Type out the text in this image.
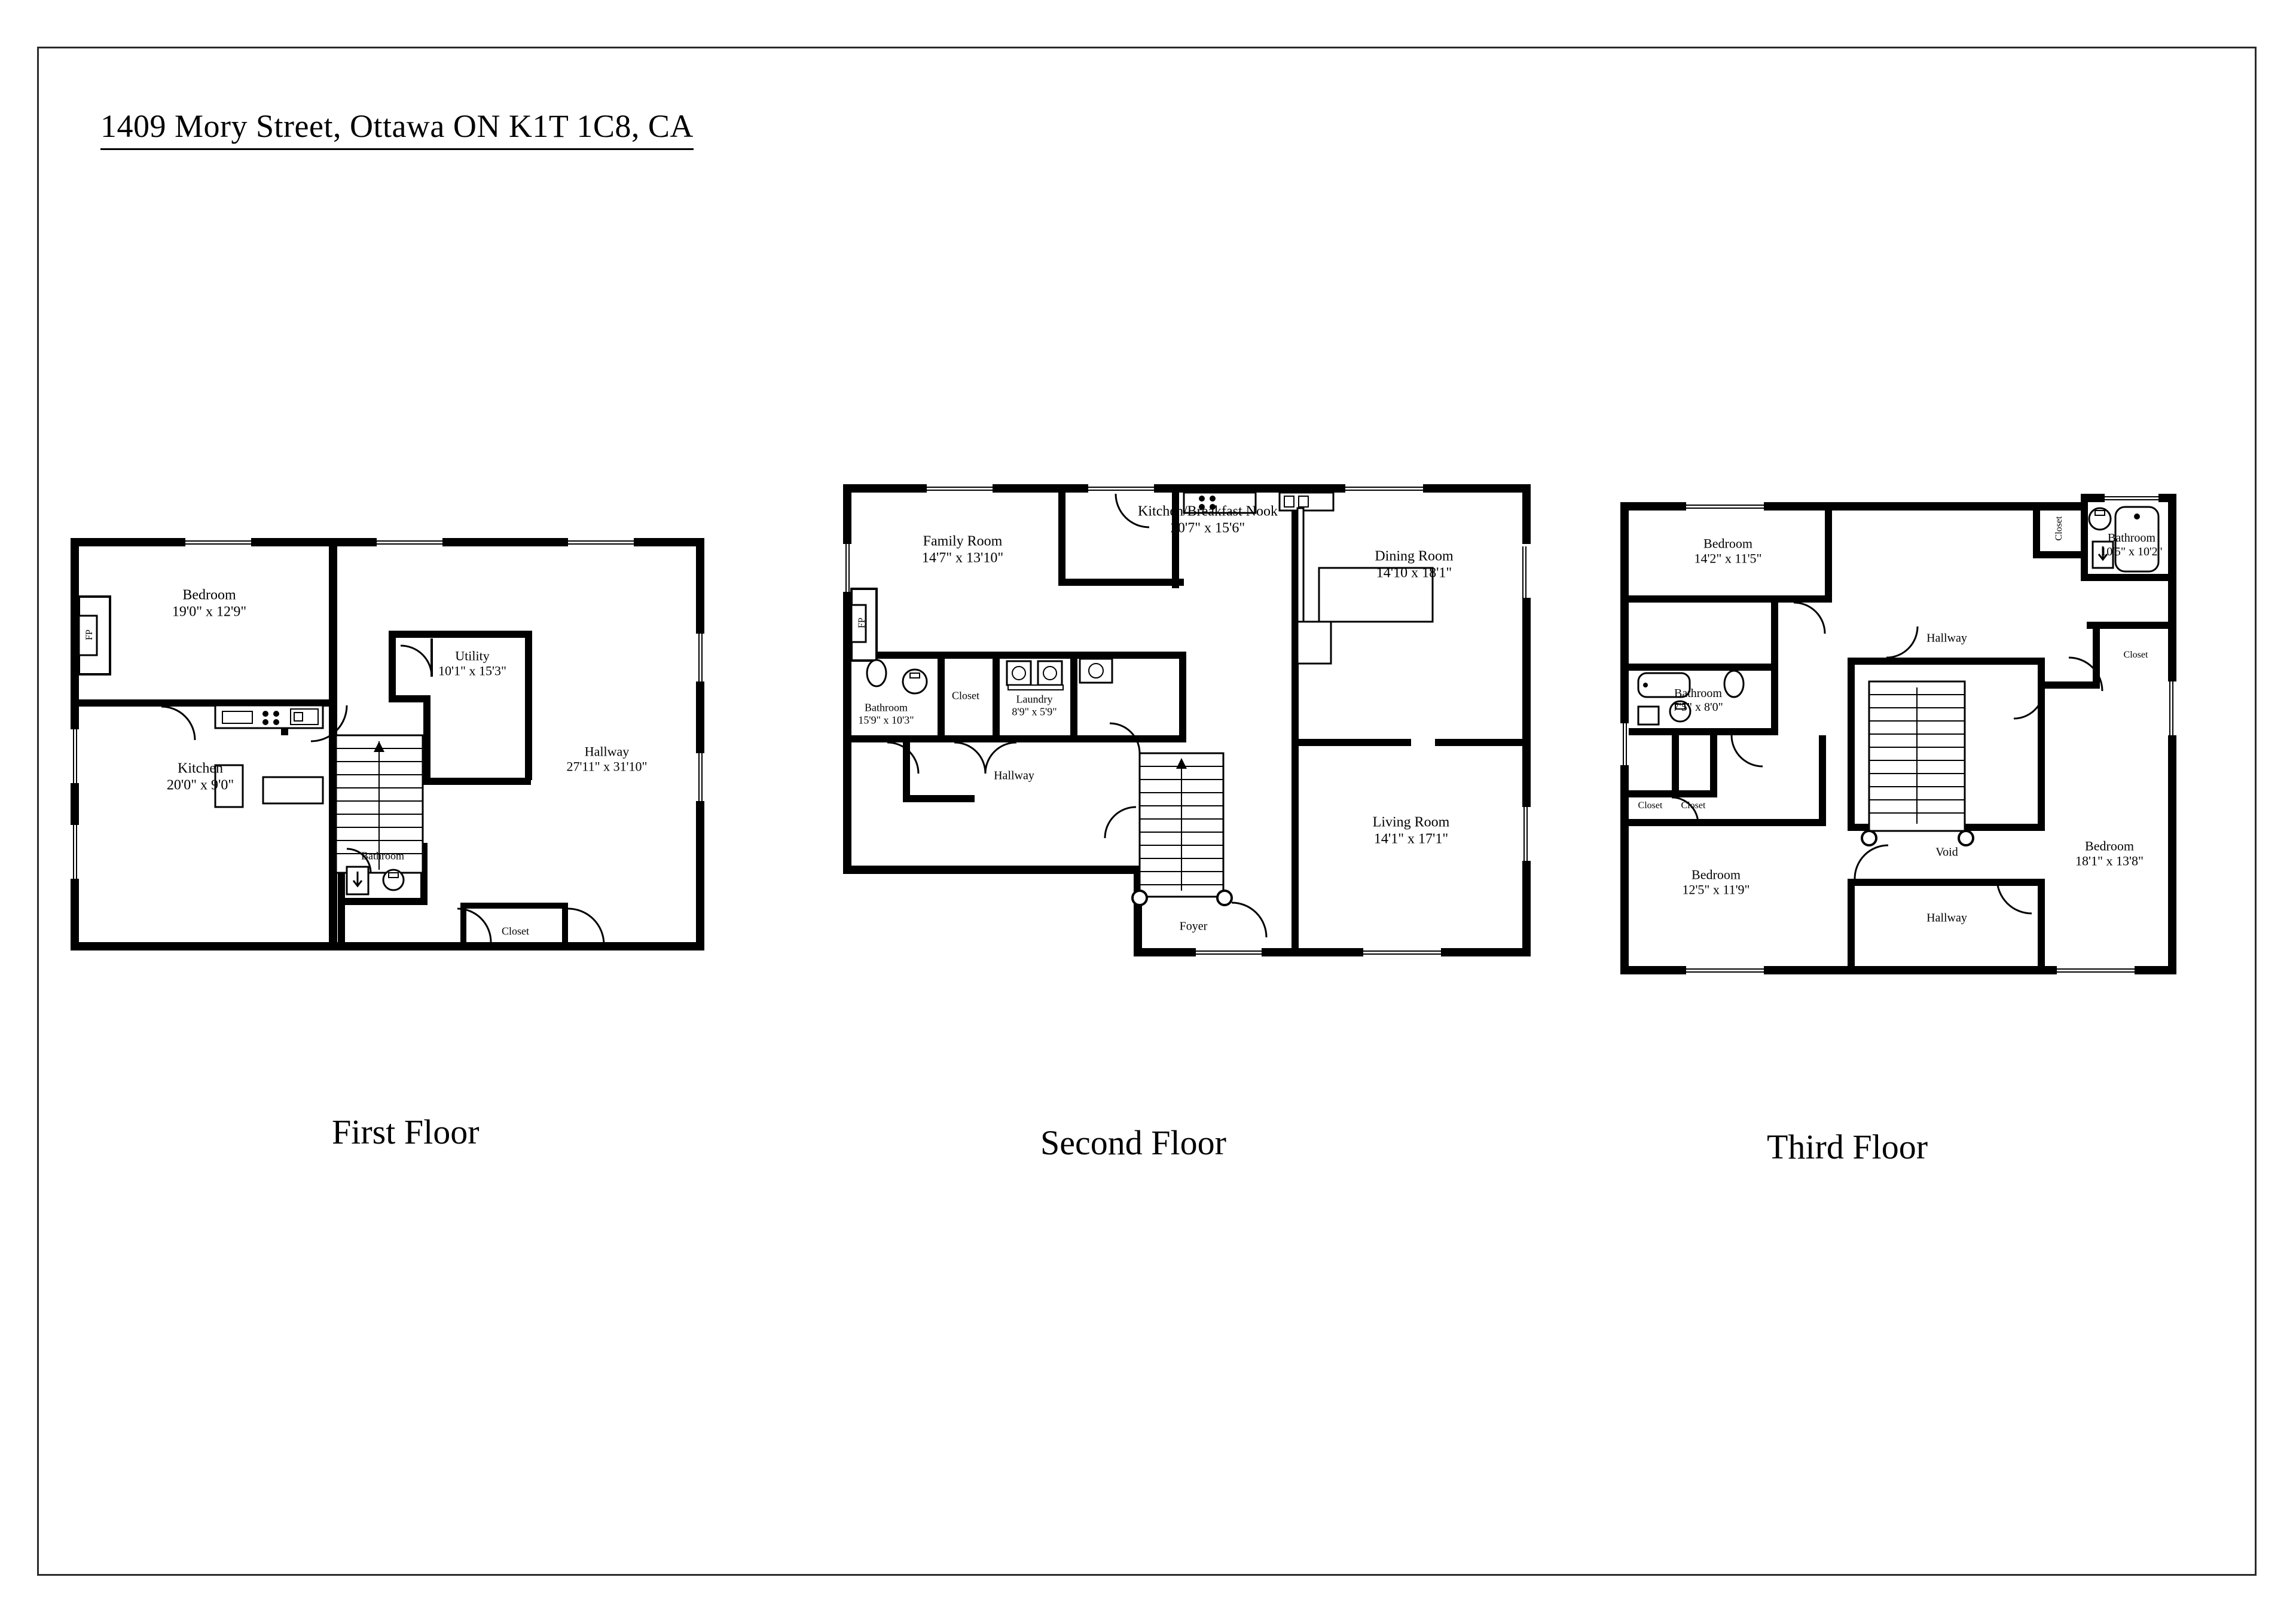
1409 Mory Street, Ottawa ON K1T 1C8, CA
Bedroom
19'0" x 12'9"
Kitchen
20'0" x 9'0"
Utility
10'1" x 15'3"
Hallway
27'11" x 31'10"
Bathroom
Closet
FP
First Floor
Family Room
14'7" x 13'10"
Kitchen/Breakfast Nook
20'7" x 15'6"
Dining Room
14'10 x 18'1"
Living Room
14'1" x 17'1"
Bathroom
15'9" x 10'3"
Laundry
8'9" x 5'9"
Closet
Hallway
Foyer
FP
Second Floor
Bedroom
14'2" x 11'5"
Bathroom
10'5" x 10'2"
Bathroom
7'5" x 8'0"
Bedroom
12'5" x 11'9"
Bedroom
18'1" x 13'8"
Hallway
Hallway
Void
Closet
Closet
Closet Closet
Third Floor
